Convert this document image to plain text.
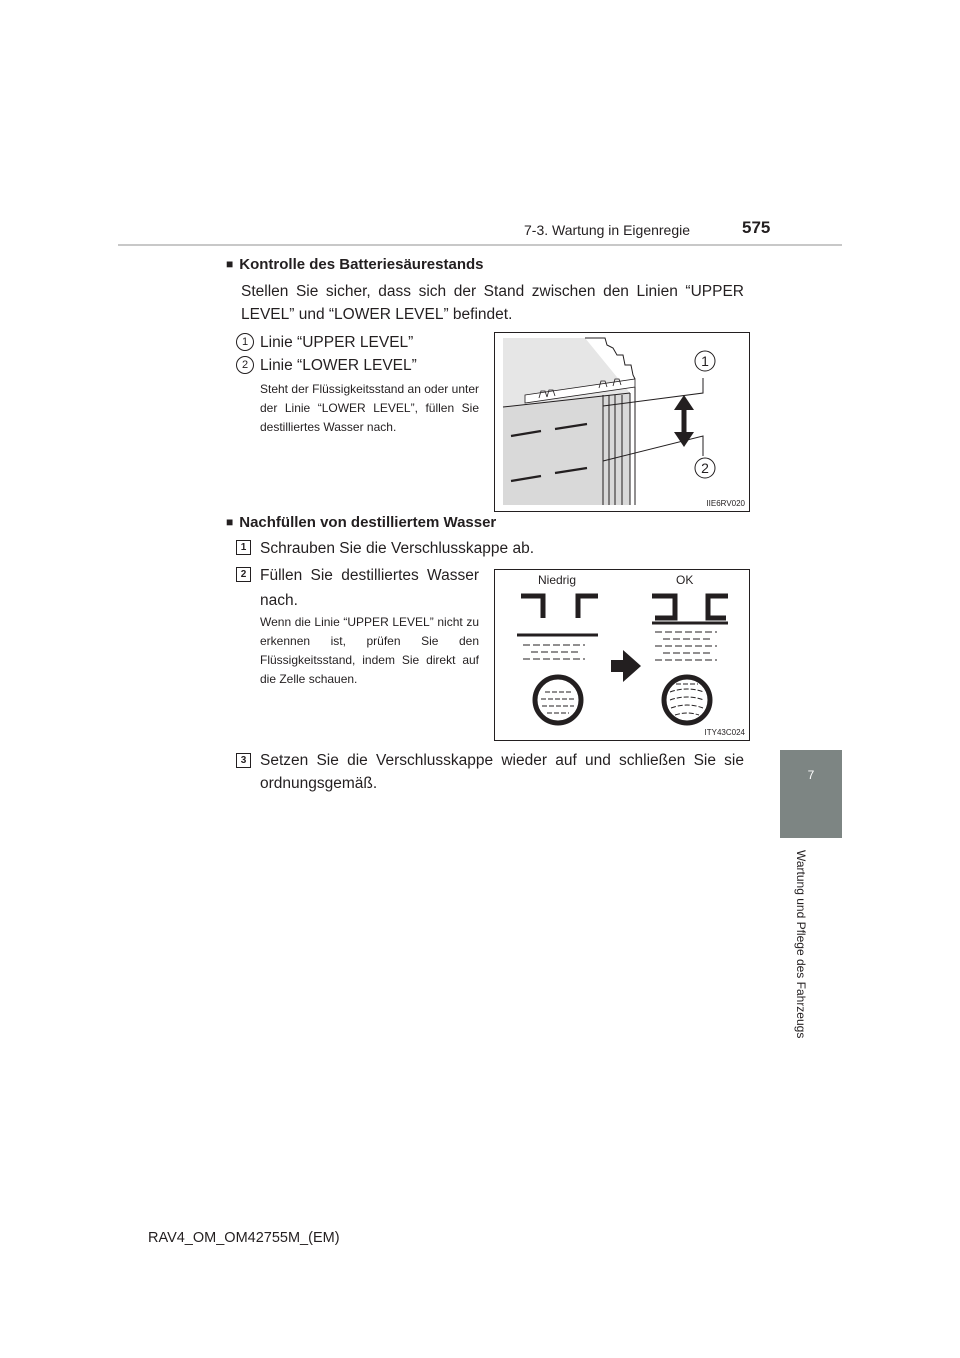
7-3. Wartung in Eigenregie	575
7
Wartung und Pflege des Fahrzeugs
■ Kontrolle des Batteriesäurestands
Stellen Sie sicher, dass sich der Stand zwischen den Linien “UPPER LEVEL” und “LOWER LEVEL” befindet.
1 Linie “UPPER LEVEL”
2 Linie “LOWER LEVEL”
Steht der Flüssigkeitsstand an oder unter der Linie “LOWER LEVEL”, füllen Sie destilliertes Wasser nach.
1
2
IIE6RV020
■ Nachfüllen von destilliertem Wasser
1 Schrauben Sie die Verschlusskappe ab.
2 Füllen Sie destilliertes Wasser nach.
Wenn die Linie “UPPER LEVEL” nicht zu erkennen ist, prüfen Sie den Flüssigkeitsstand, indem Sie direkt auf die Zelle schauen.
Niedrig	OK
ITY43C024
3 Setzen Sie die Verschlusskappe wieder auf und schließen Sie sie ordnungsgemäß.
RAV4_OM_OM42755M_(EM)
